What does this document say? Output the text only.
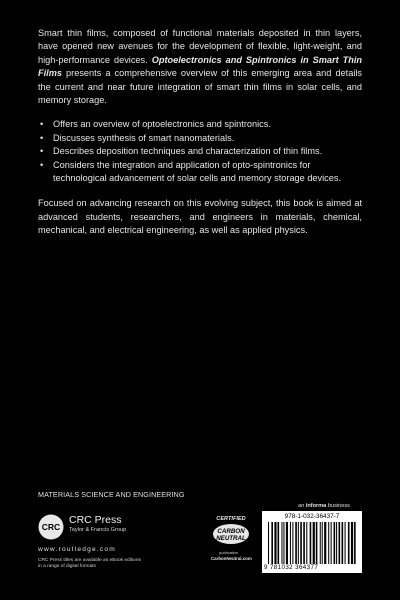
Smart thin films, composed of functional materials deposited in thin layers, have opened new avenues for the development of flexible, light-weight, and high-performance devices. Optoelectronics and Spintronics in Smart Thin Films presents a comprehensive overview of this emerging area and details the current and near future integration of smart thin films in solar cells, and memory storage.

• Offers an overview of optoelectronics and spintronics.
• Discusses synthesis of smart nanomaterials.
• Describes deposition techniques and characterization of thin films.
• Considers the integration and application of opto-spintronics for technological advancement of solar cells and memory storage devices.

Focused on advancing research on this evolving subject, this book is aimed at advanced students, researchers, and engineers in materials, chemical, mechanical, and electrical engineering, as well as applied physics.

MATERIALS SCIENCE AND ENGINEERING
CRC
CRC Press
Taylor & Francis Group
www.routledge.com
CRC Press titles are available as eBook editions
in a range of digital formats
CERTIFIED
CARBON
NEUTRAL
publication
CarbonNeutral.com
an informa business
978-1-032-36437-7
9 781032 364377
